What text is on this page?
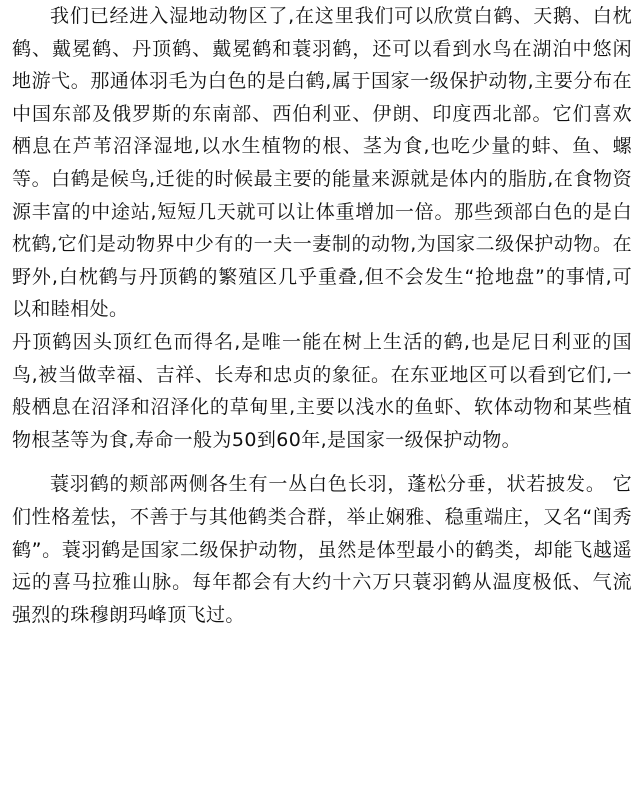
我们已经进入湿地动物区了,在这里我们可以欣赏白鹤、天鹅、白枕鹤、戴冕鹤、丹顶鹤、戴冕鹤和蓑羽鹤，还可以看到水鸟在湖泊中悠闲地游弋。那通体羽毛为白色的是白鹤,属于国家一级保护动物,主要分布在中国东部及俄罗斯的东南部、西伯利亚、伊朗、印度西北部。它们喜欢栖息在芦苇沼泽湿地,以水生植物的根、茎为食,也吃少量的蚌、鱼、螺等。白鹤是候鸟,迁徙的时候最主要的能量来源就是体内的脂肪,在食物资源丰富的中途站,短短几天就可以让体重增加一倍。那些颈部白色的是白枕鹤,它们是动物界中少有的一夫一妻制的动物,为国家二级保护动物。在野外,白枕鹤与丹顶鹤的繁殖区几乎重叠,但不会发生“抢地盘”的事情,可以和睦相处。

丹顶鹤因头顶红色而得名,是唯一能在树上生活的鹤,也是尼日利亚的国鸟,被当做幸福、吉祥、长寿和忠贞的象征。在东亚地区可以看到它们,一般栖息在沼泽和沼泽化的草甸里,主要以浅水的鱼虾、软体动物和某些植物根茎等为食,寿命一般为50到60年,是国家一级保护动物。

蓑羽鹤的颊部两侧各生有一丛白色长羽，蓬松分垂，状若披发。 它们性格羞怯，不善于与其他鹤类合群，举止娴雅、稳重端庄，又名“闺秀鹤”。蓑羽鹤是国家二级保护动物，虽然是体型最小的鹤类，却能飞越遥远的喜马拉雅山脉。每年都会有大约十六万只蓑羽鹤从温度极低、气流强烈的珠穆朗玛峰顶飞过。
